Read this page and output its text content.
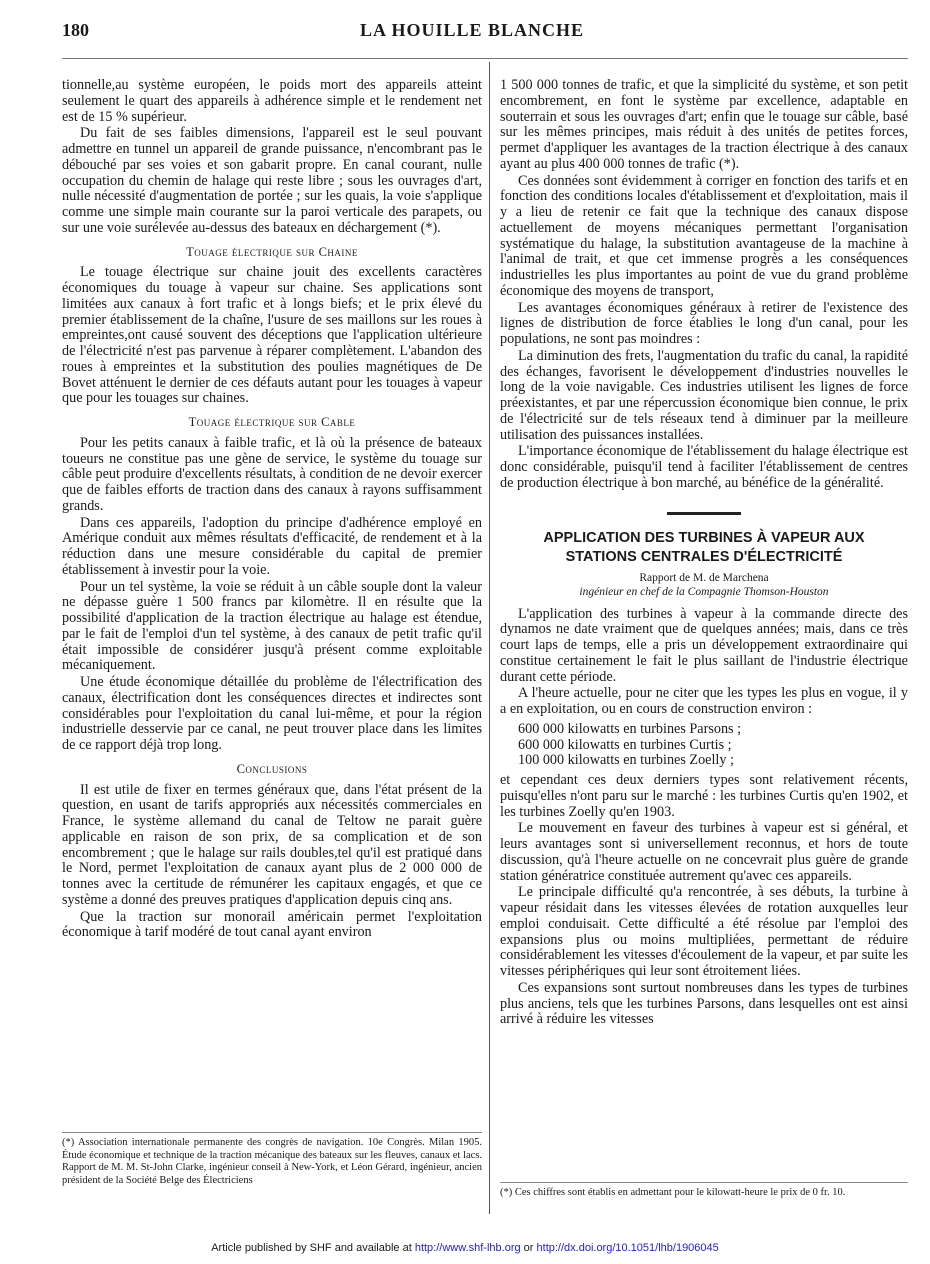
180	LA HOUILLE BLANCHE

tionnelle,au système européen, le poids mort des appareils atteint seulement le quart des appareils à adhérence simple et le rendement net est de 15 % supérieur.

Du fait de ses faibles dimensions, l'appareil est le seul pouvant admettre en tunnel un appareil de grande puissance, n'encombrant pas le débouché par ses voies et son gabarit propre. En canal courant, nulle occupation du chemin de halage qui reste libre ; sous les ouvrages d'art, nulle nécessité d'augmentation de portée ; sur les quais, la voie s'applique comme une simple main courante sur la paroi verticale des parapets, ou sur une voie surélevée au-dessus des bateaux en déchargement (*).

Touage électrique sur Chaine

Le touage électrique sur chaine jouit des excellents caractères économiques du touage à vapeur sur chaine. Ses applications sont limitées aux canaux à fort trafic et à longs biefs; et le prix élevé du premier établissement de la chaîne, l'usure de ses maillons sur les roues à empreintes,ont causé souvent des déceptions que l'application ultérieure de l'électricité n'est pas parvenue à réparer complètement. L'abandon des roues à empreintes et la substitution des poulies magnétiques de De Bovet atténuent le dernier de ces défauts autant pour les touages à vapeur que pour les touages sur chaines.

Touage électrique sur Cable

Pour les petits canaux à faible trafic, et là où la présence de bateaux toueurs ne constitue pas une gène de service, le système du touage sur câble peut produire d'excellents résultats, à condition de ne devoir exercer que de faibles efforts de traction dans des canaux à rayons suffisamment grands.

Dans ces appareils, l'adoption du principe d'adhérence employé en Amérique conduit aux mêmes résultats d'efficacité, de rendement et à la réduction dans une mesure considérable du capital de premier établissement à investir pour la voie.

Pour un tel système, la voie se réduit à un câble souple dont la valeur ne dépasse guère 1 500 francs par kilomètre. Il en résulte que la possibilité d'application de la traction électrique au halage est étendue, par le fait de l'emploi d'un tel système, à des canaux de petit trafic qu'il était impossible de considérer jusqu'à présent comme exploitable mécaniquement.

Une étude économique détaillée du problème de l'électrification des canaux, électrification dont les conséquences directes et indirectes sont considérables pour l'exploitation du canal lui-même, et pour la région industrielle desservie par ce canal, ne peut trouver place dans les limites de ce rapport déjà trop long.

Conclusions

Il est utile de fixer en termes généraux que, dans l'état présent de la question, en usant de tarifs appropriés aux nécessités commerciales en France, le système allemand du canal de Teltow ne parait guère applicable en raison de son prix, de sa complication et de son encombrement ; que le halage sur rails doubles,tel qu'il est pratiqué dans le Nord, permet l'exploitation de canaux ayant plus de 2 000 000 de tonnes avec la certitude de rémunérer les capitaux engagés, et que ce système a donné des preuves pratiques d'application depuis cinq ans.

Que la traction sur monorail américain permet l'exploitation économique à tarif modéré de tout canal ayant environ

(*) Association internationale permanente des congrès de navigation. 10e Congrès. Milan 1905. Étude économique et technique de la traction mécanique des bateaux sur les fleuves, canaux et lacs. Rapport de M. M. St-John Clarke, ingénieur conseil à New-York, et Léon Gérard, ingénieur, ancien président de la Société Belge des Électriciens

1 500 000 tonnes de trafic, et que la simplicité du système, et son petit encombrement, en font le système par excellence, adaptable en souterrain et sous les ouvrages d'art; enfin que le touage sur câble, basé sur les mêmes principes, mais réduit à des unités de petites forces, permet d'appliquer les avantages de la traction électrique à des canaux ayant au plus 400 000 tonnes de trafic (*).

Ces données sont évidemment à corriger en fonction des tarifs et en fonction des conditions locales d'établissement et d'exploitation, mais il y a lieu de retenir ce fait que la technique des canaux dispose actuellement de moyens mécaniques permettant l'organisation systématique du halage, la substitution avantageuse de la machine à l'animal de trait, et que cet immense progrès a les conséquences industrielles les plus importantes au point de vue du grand problème économique des moyens de transport,

Les avantages économiques généraux à retirer de l'existence des lignes de distribution de force établies le long d'un canal, pour les populations, ne sont pas moindres :

La diminution des frets, l'augmentation du trafic du canal, la rapidité des échanges, favorisent le développement d'industries nouvelles le long de la voie navigable. Ces industries utilisent les lignes de force préexistantes, et par une répercussion économique bien connue, le prix de l'électricité sur de tels réseaux tend à diminuer par la meilleure utilisation des puissances installées.

L'importance économique de l'établissement du halage électrique est donc considérable, puisqu'il tend à faciliter l'établissement de centres de production électrique à bon marché, au bénéfice de la généralité.

APPLICATION DES TURBINES À VAPEUR AUX
STATIONS CENTRALES D'ÉLECTRICITÉ
Rapport de M. de Marchena
ingénieur en chef de la Compagnie Thomson-Houston

L'application des turbines à vapeur à la commande directe des dynamos ne date vraiment que de quelques années; mais, dans ce très court laps de temps, elle a pris un développement extraordinaire qui constitue certainement le fait le plus saillant de l'industrie électrique durant cette période.

A l'heure actuelle, pour ne citer que les types les plus en vogue, il y a en exploitation, ou en cours de construction environ :

600 000 kilowatts en turbines Parsons ;
600 000 kilowatts en turbines Curtis ;
100 000 kilowatts en turbines Zoelly ;

et cependant ces deux derniers types sont relativement récents, puisqu'elles n'ont paru sur le marché : les turbines Curtis qu'en 1902, et les turbines Zoelly qu'en 1903.

Le mouvement en faveur des turbines à vapeur est si général, et leurs avantages sont si universellement reconnus, et hors de toute discussion, qu'à l'heure actuelle on ne concevrait plus guère de grande station génératrice constituée autrement qu'avec ces appareils.

Le principale difficulté qu'a rencontrée, à ses débuts, la turbine à vapeur résidait dans les vitesses élevées de rotation auxquelles leur emploi conduisait. Cette difficulté a été résolue par l'emploi des expansions plus ou moins multipliées, permettant de réduire considérablement les vitesses d'écoulement de la vapeur, et par suite les vitesses périphériques qui leur sont étroitement liées.

Ces expansions sont surtout nombreuses dans les types de turbines plus anciens, tels que les turbines Parsons, dans lesquelles ont est ainsi arrivé à réduire les vitesses

(*) Ces chiffres sont établis en admettant pour le kilowatt-heure le prix de 0 fr. 10.
Article published by SHF and available at http://www.shf-lhb.org or http://dx.doi.org/10.1051/lhb/1906045
